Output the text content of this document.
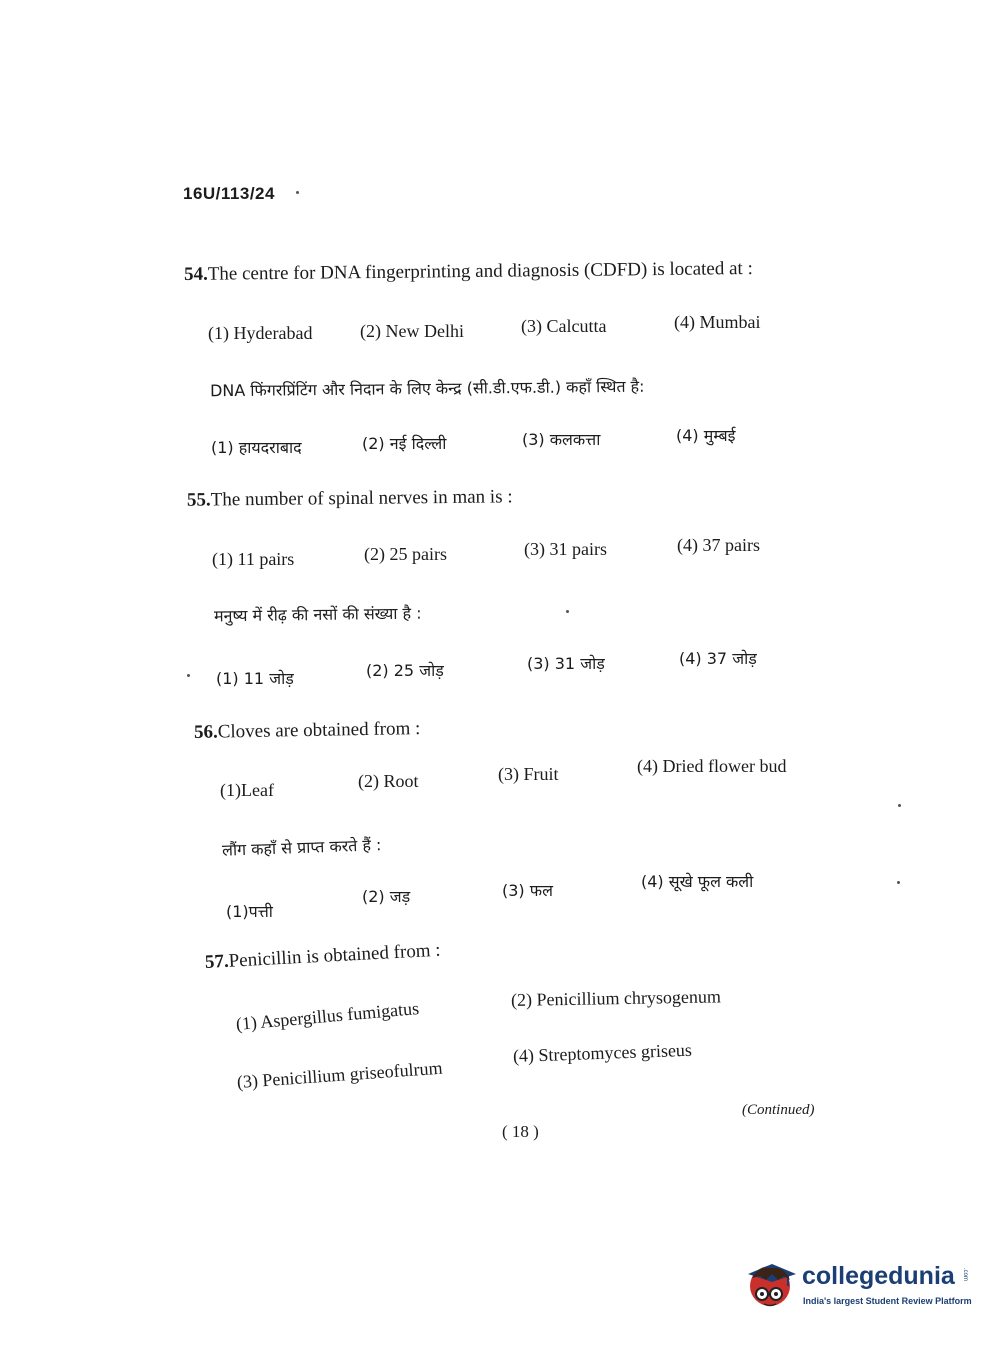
16U/113/24
54.The centre for DNA fingerprinting and diagnosis (CDFD) is located at :
(1) Hyderabad	(2) New Delhi	(3) Calcutta	(4) Mumbai
DNA फिंगरप्रिंटिंग और निदान के लिए केन्द्र (सी.डी.एफ.डी.) कहाँ स्थित है:
(1) हायदराबाद	(2) नई दिल्ली	(3) कलकत्ता	(4) मुम्बई
55.The number of spinal nerves in man is :
(1) 11 pairs	(2) 25 pairs	(3) 31 pairs	(4) 37 pairs
मनुष्य में रीढ़ की नसों की संख्या है :
(1) 11 जोड़	(2) 25 जोड़	(3) 31 जोड़	(4) 37 जोड़
56.Cloves are obtained from :
(1)Leaf	(2) Root	(3) Fruit	(4) Dried flower bud
लौंग कहाँ से प्राप्त करते हैं :
(1)पत्ती
(2) जड़	(3) फल	(4) सूखे फूल कली
57.Penicillin is obtained from :
(1) Aspergillus fumigatus	(2) Penicillium chrysogenum
(3) Penicillium griseofulrum
(4) Streptomyces griseus
(Continued)
( 18 )
collegedunia .com
India's largest Student Review Platform
